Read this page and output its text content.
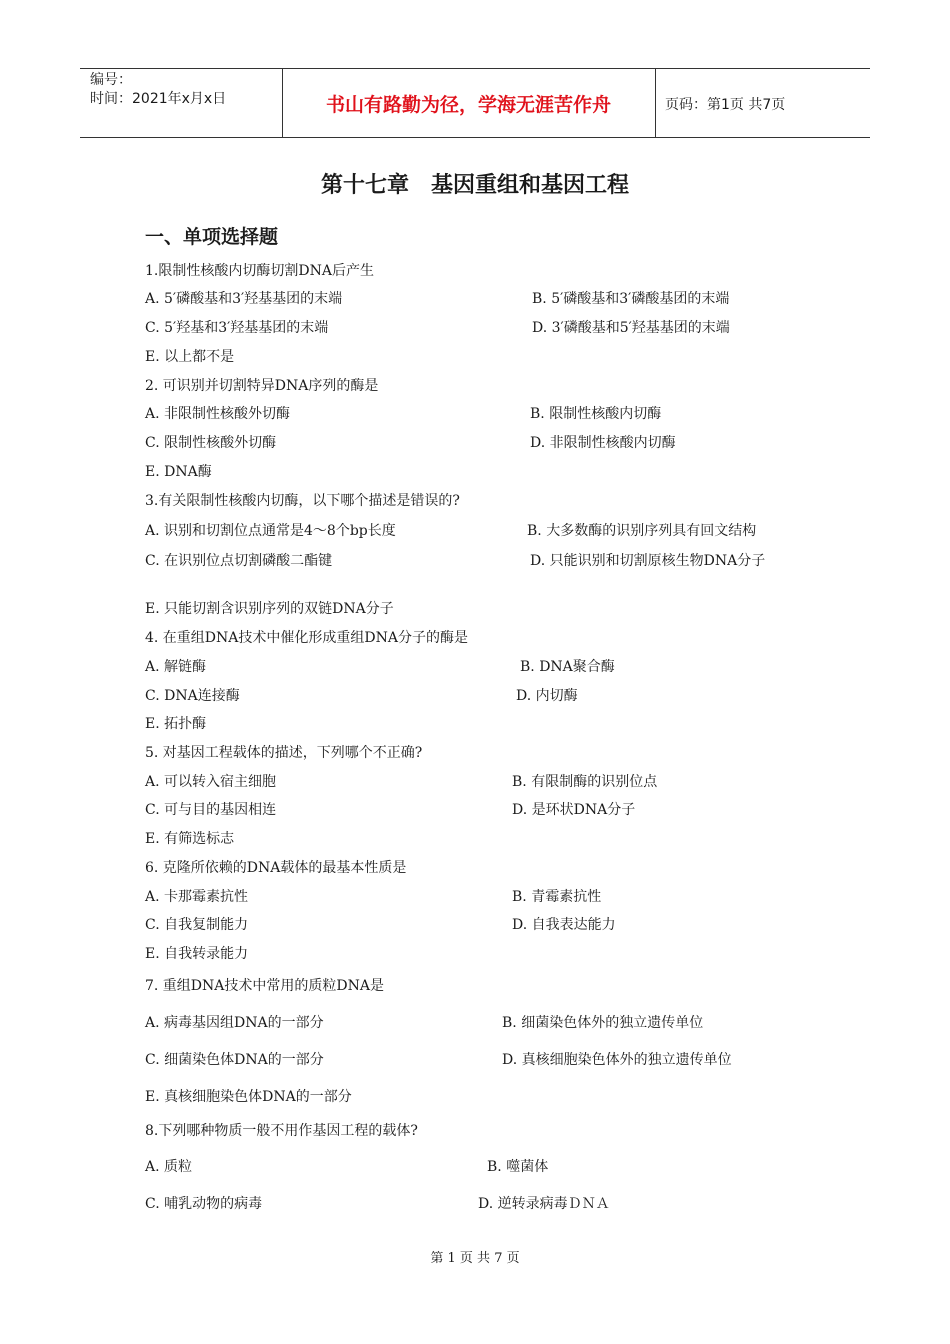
编号：
时间：2021年x月x日	书山有路勤为径，学海无涯苦作舟	页码：第1页 共7页
第十七章　基因重组和基因工程
一、单项选择题
1.限制性核酸内切酶切割DNA后产生
A. 5′磷酸基和3′羟基基团的末端	B. 5′磷酸基和3′磷酸基团的末端
C. 5′羟基和3′羟基基团的末端	D. 3′磷酸基和5′羟基基团的末端
E. 以上都不是
2. 可识别并切割特异DNA序列的酶是
A. 非限制性核酸外切酶	B. 限制性核酸内切酶
C. 限制性核酸外切酶	D. 非限制性核酸内切酶
E. DNA酶
3.有关限制性核酸内切酶，以下哪个描述是错误的?
A. 识别和切割位点通常是4～8个bp长度	B. 大多数酶的识别序列具有回文结构
C. 在识别位点切割磷酸二酯键	D. 只能识别和切割原核生物DNA分子
E. 只能切割含识别序列的双链DNA分子
4. 在重组DNA技术中催化形成重组DNA分子的酶是
A. 解链酶	B. DNA聚合酶
C. DNA连接酶	D. 内切酶
E. 拓扑酶
5. 对基因工程载体的描述，下列哪个不正确?
A. 可以转入宿主细胞	B. 有限制酶的识别位点
C. 可与目的基因相连	D. 是环状DNA分子
E. 有筛选标志
6. 克隆所依赖的DNA载体的最基本性质是
A. 卡那霉素抗性	B. 青霉素抗性
C. 自我复制能力	D. 自我表达能力
E. 自我转录能力
7. 重组DNA技术中常用的质粒DNA是
A. 病毒基因组DNA的一部分	B. 细菌染色体外的独立遗传单位
C. 细菌染色体DNA的一部分	D. 真核细胞染色体外的独立遗传单位
E. 真核细胞染色体DNA的一部分
8.下列哪种物质一般不用作基因工程的载体?
A. 质粒	B. 噬菌体
C. 哺乳动物的病毒	D. 逆转录病毒ＤＮＡ
第 1 页 共 7 页
